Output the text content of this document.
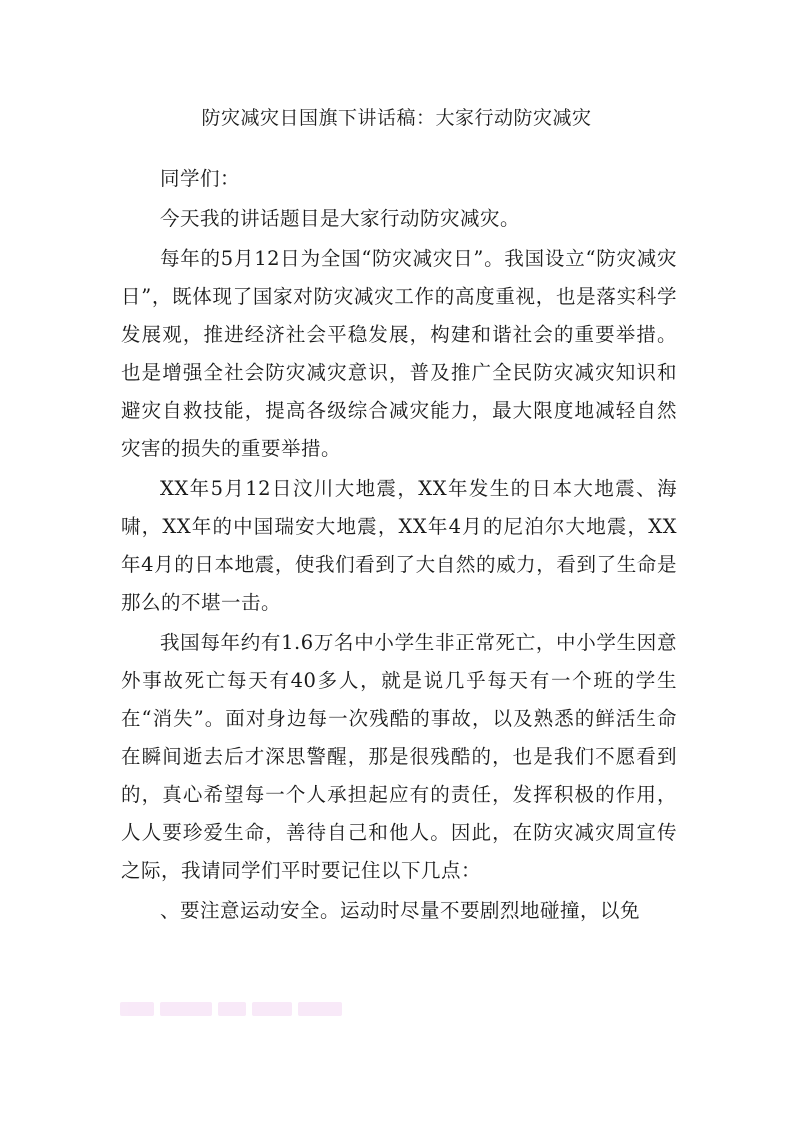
防灾减灾日国旗下讲话稿：大家行动防灾减灾

同学们：

今天我的讲话题目是大家行动防灾减灾。

每年的5月12日为全国“防灾减灾日”。我国设立“防灾减灾日”，既体现了国家对防灾减灾工作的高度重视，也是落实科学发展观，推进经济社会平稳发展，构建和谐社会的重要举措。也是增强全社会防灾减灾意识，普及推广全民防灾减灾知识和避灾自救技能，提高各级综合减灾能力，最大限度地减轻自然灾害的损失的重要举措。

XX年5月12日汶川大地震，XX年发生的日本大地震、海啸，XX年的中国瑞安大地震，XX年4月的尼泊尔大地震，XX年4月的日本地震，使我们看到了大自然的威力，看到了生命是那么的不堪一击。

我国每年约有1.6万名中小学生非正常死亡，中小学生因意外事故死亡每天有40多人，就是说几乎每天有一个班的学生在“消失”。面对身边每一次残酷的事故，以及熟悉的鲜活生命在瞬间逝去后才深思警醒，那是很残酷的，也是我们不愿看到的，真心希望每一个人承担起应有的责任，发挥积极的作用，人人要珍爱生命，善待自己和他人。因此，在防灾减灾周宣传之际，我请同学们平时要记住以下几点：

、要注意运动安全。运动时尽量不要剧烈地碰撞，以免
